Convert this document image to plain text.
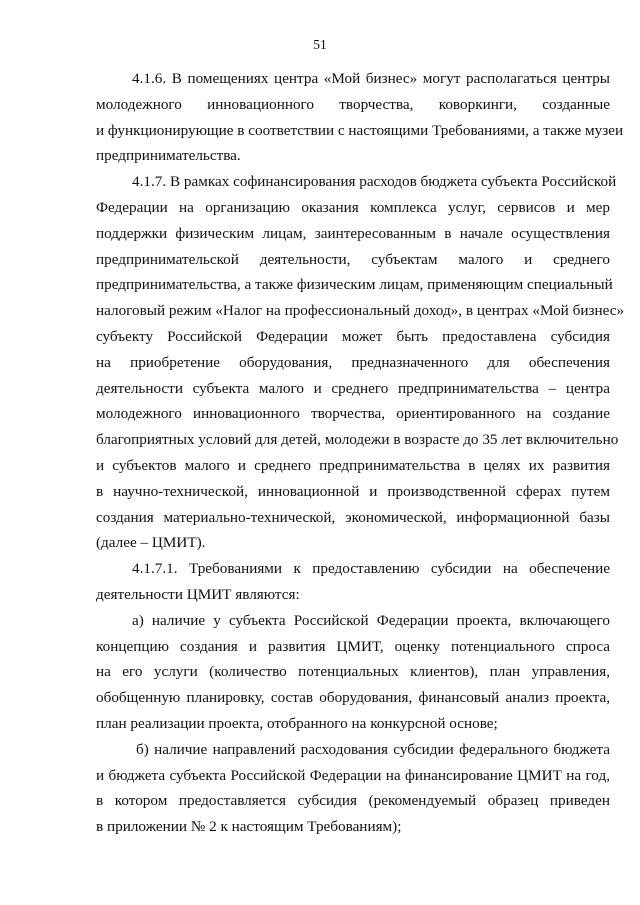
51

4.1.6. В помещениях центра «Мой бизнес» могут располагаться центры
молодежного инновационного творчества, коворкинги, созданные
и функционирующие в соответствии с настоящими Требованиями, а также музеи
предпринимательства.

4.1.7. В рамках софинансирования расходов бюджета субъекта Российской
Федерации на организацию оказания комплекса услуг, сервисов и мер
поддержки физическим лицам, заинтересованным в начале осуществления
предпринимательской деятельности, субъектам малого и среднего
предпринимательства, а также физическим лицам, применяющим специальный
налоговый режим «Налог на профессиональный доход», в центрах «Мой бизнес»
субъекту Российской Федерации может быть предоставлена субсидия
на приобретение оборудования, предназначенного для обеспечения
деятельности субъекта малого и среднего предпринимательства – центра
молодежного инновационного творчества, ориентированного на создание
благоприятных условий для детей, молодежи в возрасте до 35 лет включительно
и субъектов малого и среднего предпринимательства в целях их развития
в научно-технической, инновационной и производственной сферах путем
создания материально-технической, экономической, информационной базы
(далее – ЦМИТ).

4.1.7.1. Требованиями к предоставлению субсидии на обеспечение
деятельности ЦМИТ являются:

а) наличие у субъекта Российской Федерации проекта, включающего
концепцию создания и развития ЦМИТ, оценку потенциального спроса
на его услуги (количество потенциальных клиентов), план управления,
обобщенную планировку, состав оборудования, финансовый анализ проекта,
план реализации проекта, отобранного на конкурсной основе;

б) наличие направлений расходования субсидии федерального бюджета
и бюджета субъекта Российской Федерации на финансирование ЦМИТ на год,
в котором предоставляется субсидия (рекомендуемый образец приведен
в приложении № 2 к настоящим Требованиям);
